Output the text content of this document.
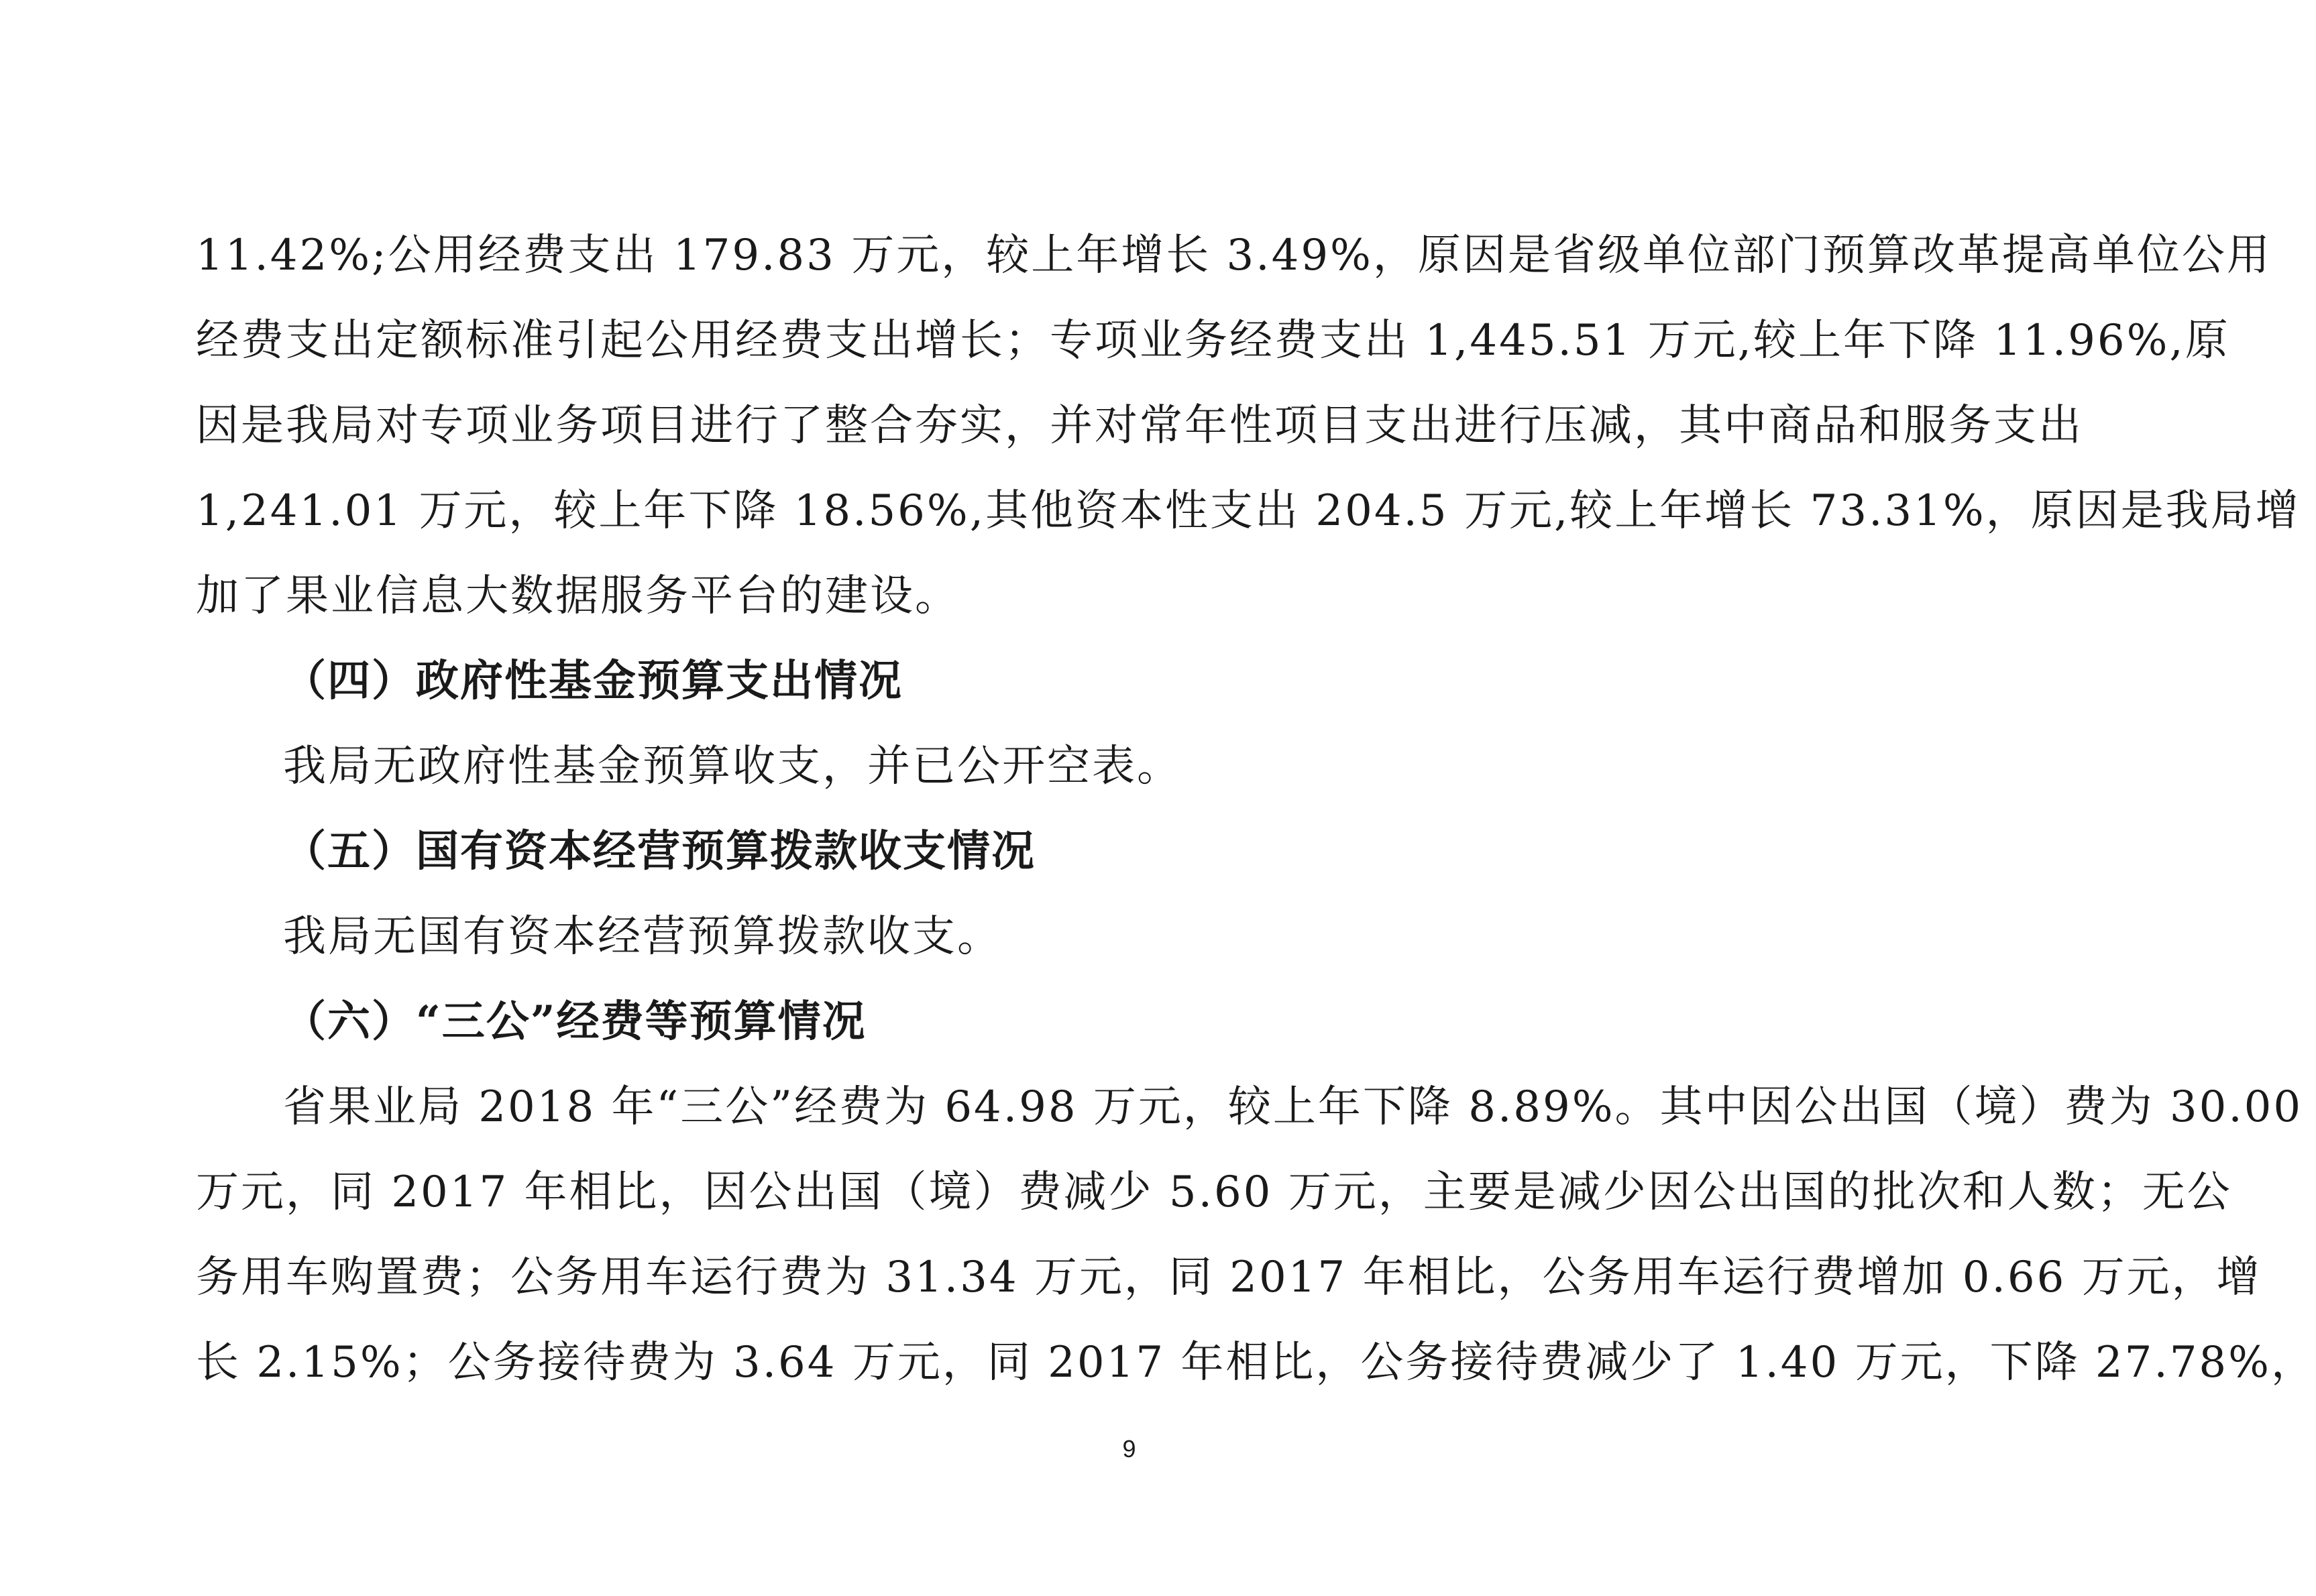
11.42%;公用经费支出 179.83 万元，较上年增长 3.49%，原因是省级单位部门预算改革提高单位公用
经费支出定额标准引起公用经费支出增长；专项业务经费支出 1,445.51 万元,较上年下降 11.96%,原
因是我局对专项业务项目进行了整合夯实，并对常年性项目支出进行压减，其中商品和服务支出
1,241.01 万元，较上年下降 18.56%,其他资本性支出 204.5 万元,较上年增长 73.31%，原因是我局增
加了果业信息大数据服务平台的建设。
（四）政府性基金预算支出情况
我局无政府性基金预算收支，并已公开空表。
（五）国有资本经营预算拨款收支情况
我局无国有资本经营预算拨款收支。
（六）“三公”经费等预算情况
省果业局 2018 年“三公”经费为 64.98 万元，较上年下降 8.89%。其中因公出国（境）费为 30.00
万元，同 2017 年相比，因公出国（境）费减少 5.60 万元，主要是减少因公出国的批次和人数；无公
务用车购置费；公务用车运行费为 31.34 万元，同 2017 年相比，公务用车运行费增加 0.66 万元，增
长 2.15%；公务接待费为 3.64 万元，同 2017 年相比，公务接待费减少了 1.40 万元，下降 27.78%，
9
